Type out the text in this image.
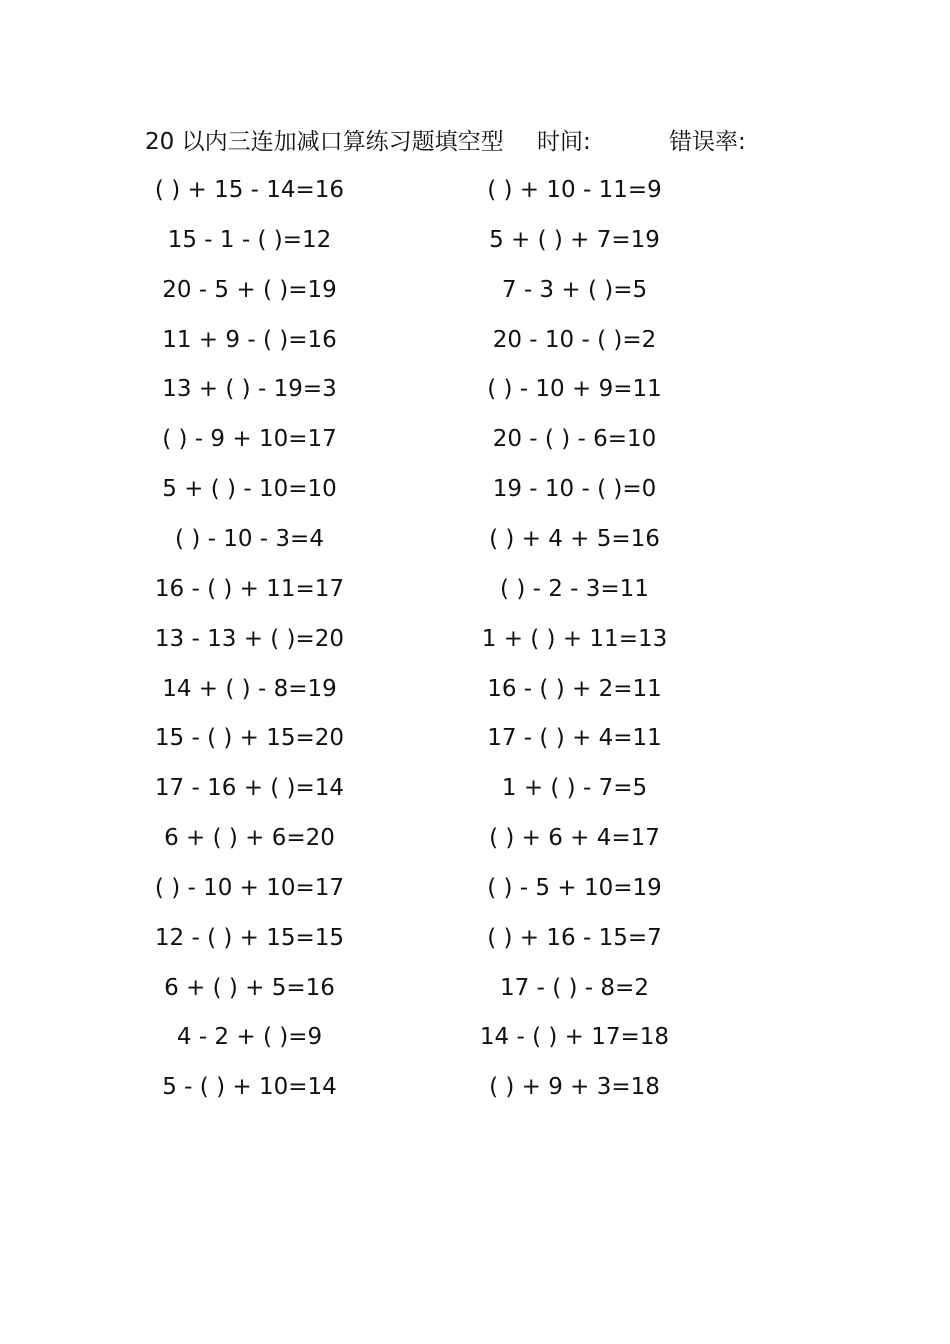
20 以内三连加减口算练习题填空型 时间:	错误率:
( ) + 15 - 14=16
15 - 1 - ( )=12
20 - 5 + ( )=19
11 + 9 - ( )=16
13 + ( ) - 19=3
( ) - 9 + 10=17
5 + ( ) - 10=10
( ) - 10 - 3=4
16 - ( ) + 11=17
13 - 13 + ( )=20
14 + ( ) - 8=19
15 - ( ) + 15=20
17 - 16 + ( )=14
6 + ( ) + 6=20
( ) - 10 + 10=17
12 - ( ) + 15=15
6 + ( ) + 5=16
4 - 2 + ( )=9
5 - ( ) + 10=14
( ) + 10 - 11=9
5 + ( ) + 7=19
7 - 3 + ( )=5
20 - 10 - ( )=2
( ) - 10 + 9=11
20 - ( ) - 6=10
19 - 10 - ( )=0
( ) + 4 + 5=16
( ) - 2 - 3=11
1 + ( ) + 11=13
16 - ( ) + 2=11
17 - ( ) + 4=11
1 + ( ) - 7=5
( ) + 6 + 4=17
( ) - 5 + 10=19
( ) + 16 - 15=7
17 - ( ) - 8=2
14 - ( ) + 17=18
( ) + 9 + 3=18
